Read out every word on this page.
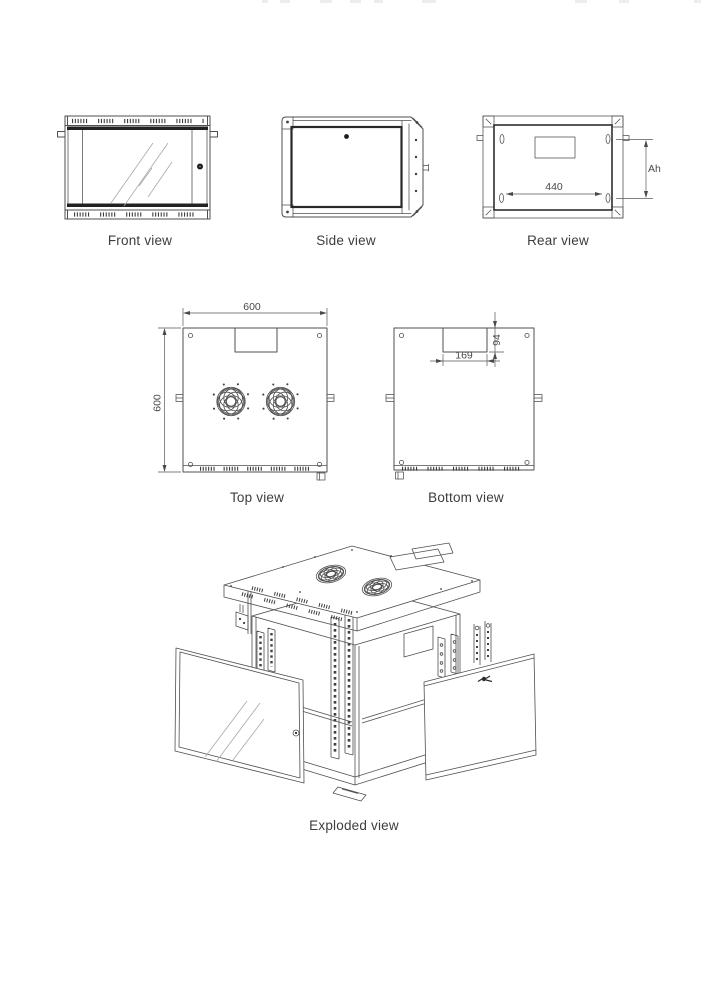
Front view	Side view
440
Ah
Rear view
600
600
Top view
169
94
Bottom view
Exploded view
